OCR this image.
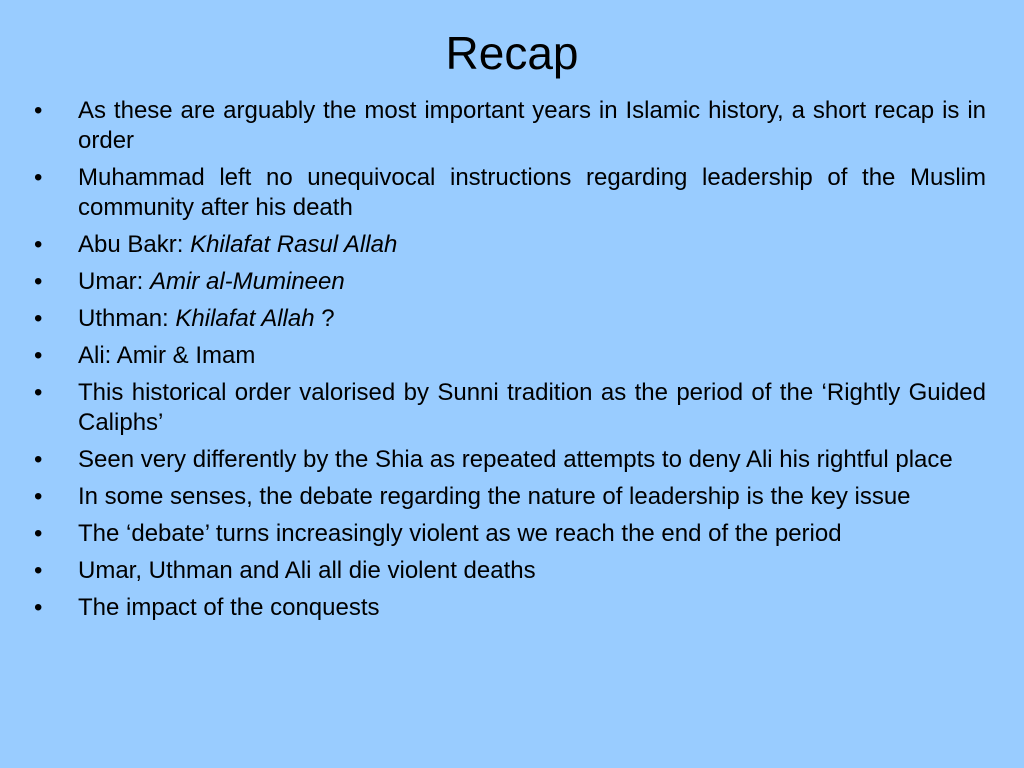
Recap
• As these are arguably the most important years in Islamic history, a short recap is in order
• Muhammad left no unequivocal instructions regarding leadership of the Muslim community after his death
• Abu Bakr: Khilafat Rasul Allah
• Umar: Amir al-Mumineen
• Uthman: Khilafat Allah ?
• Ali: Amir & Imam
• This historical order valorised by Sunni tradition as the period of the ‘Rightly Guided Caliphs’
• Seen very differently by the Shia as repeated attempts to deny Ali his rightful place
• In some senses, the debate regarding the nature of leadership is the key issue
• The ‘debate’ turns increasingly violent as we reach the end of the period
• Umar, Uthman and Ali all die violent deaths
• The impact of the conquests
